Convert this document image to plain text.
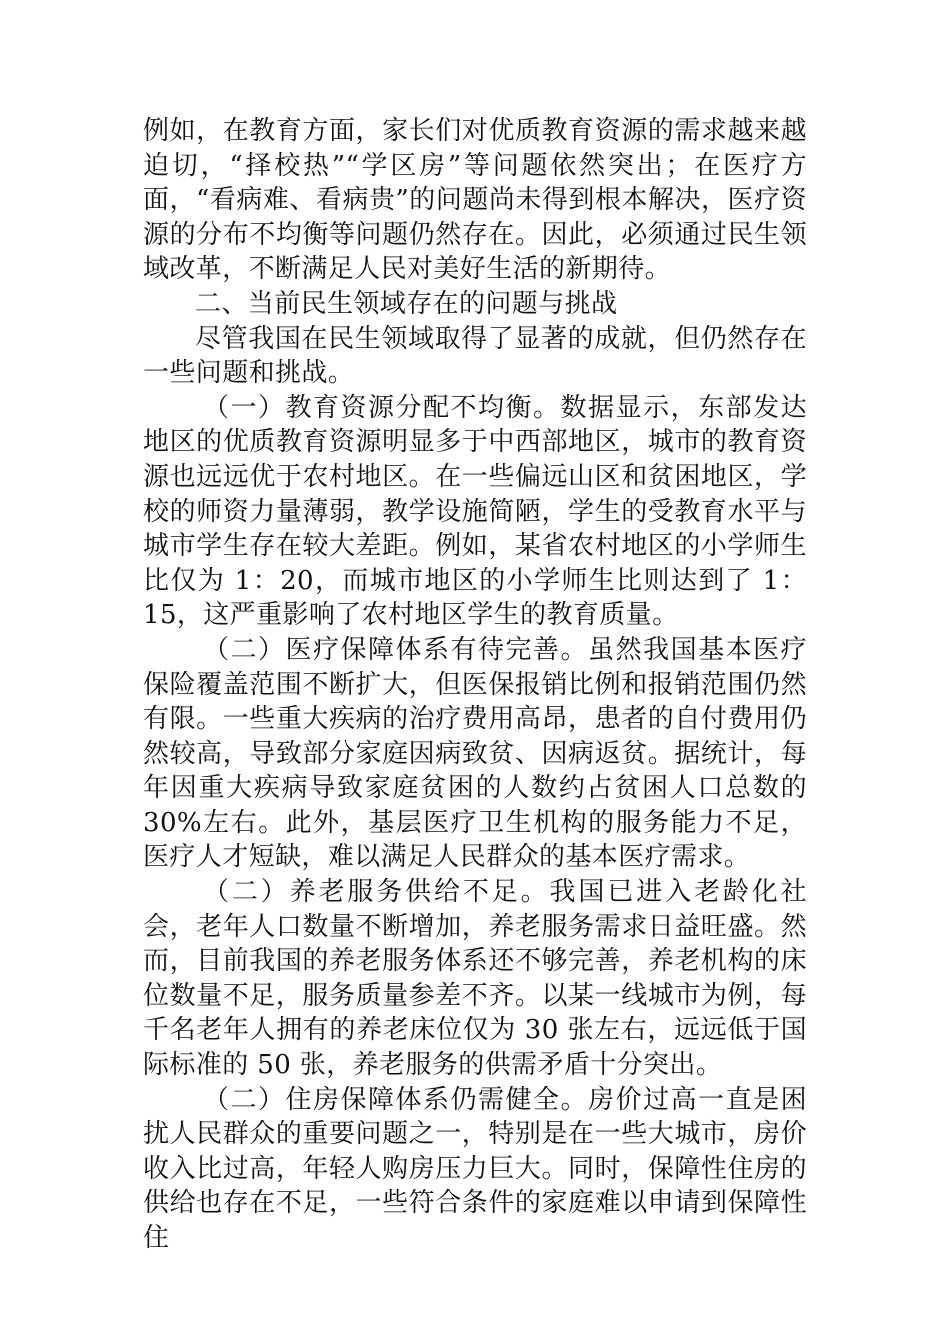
例如，在教育方面，家长们对优质教育资源的需求越来越迫切，“择校热”“学区房”等问题依然突出；在医疗方面，“看病难、看病贵”的问题尚未得到根本解决，医疗资源的分布不均衡等问题仍然存在。因此，必须通过民生领域改革，不断满足人民对美好生活的新期待。

二、当前民生领域存在的问题与挑战

尽管我国在民生领域取得了显著的成就，但仍然存在一些问题和挑战。

（一）教育资源分配不均衡。数据显示，东部发达地区的优质教育资源明显多于中西部地区，城市的教育资源也远远优于农村地区。在一些偏远山区和贫困地区，学校的师资力量薄弱，教学设施简陋，学生的受教育水平与城市学生存在较大差距。例如，某省农村地区的小学师生比仅为 1：20，而城市地区的小学师生比则达到了 1：15，这严重影响了农村地区学生的教育质量。

（二）医疗保障体系有待完善。虽然我国基本医疗保险覆盖范围不断扩大，但医保报销比例和报销范围仍然有限。一些重大疾病的治疗费用高昂，患者的自付费用仍然较高，导致部分家庭因病致贫、因病返贫。据统计，每年因重大疾病导致家庭贫困的人数约占贫困人口总数的 30%左右。此外，基层医疗卫生机构的服务能力不足，医疗人才短缺，难以满足人民群众的基本医疗需求。

（二）养老服务供给不足。我国已进入老龄化社会，老年人口数量不断增加，养老服务需求日益旺盛。然而，目前我国的养老服务体系还不够完善，养老机构的床位数量不足，服务质量参差不齐。以某一线城市为例，每千名老年人拥有的养老床位仅为 30 张左右，远远低于国际标准的 50 张，养老服务的供需矛盾十分突出。

（二）住房保障体系仍需健全。房价过高一直是困扰人民群众的重要问题之一，特别是在一些大城市，房价收入比过高，年轻人购房压力巨大。同时，保障性住房的供给也存在不足，一些符合条件的家庭难以申请到保障性住
